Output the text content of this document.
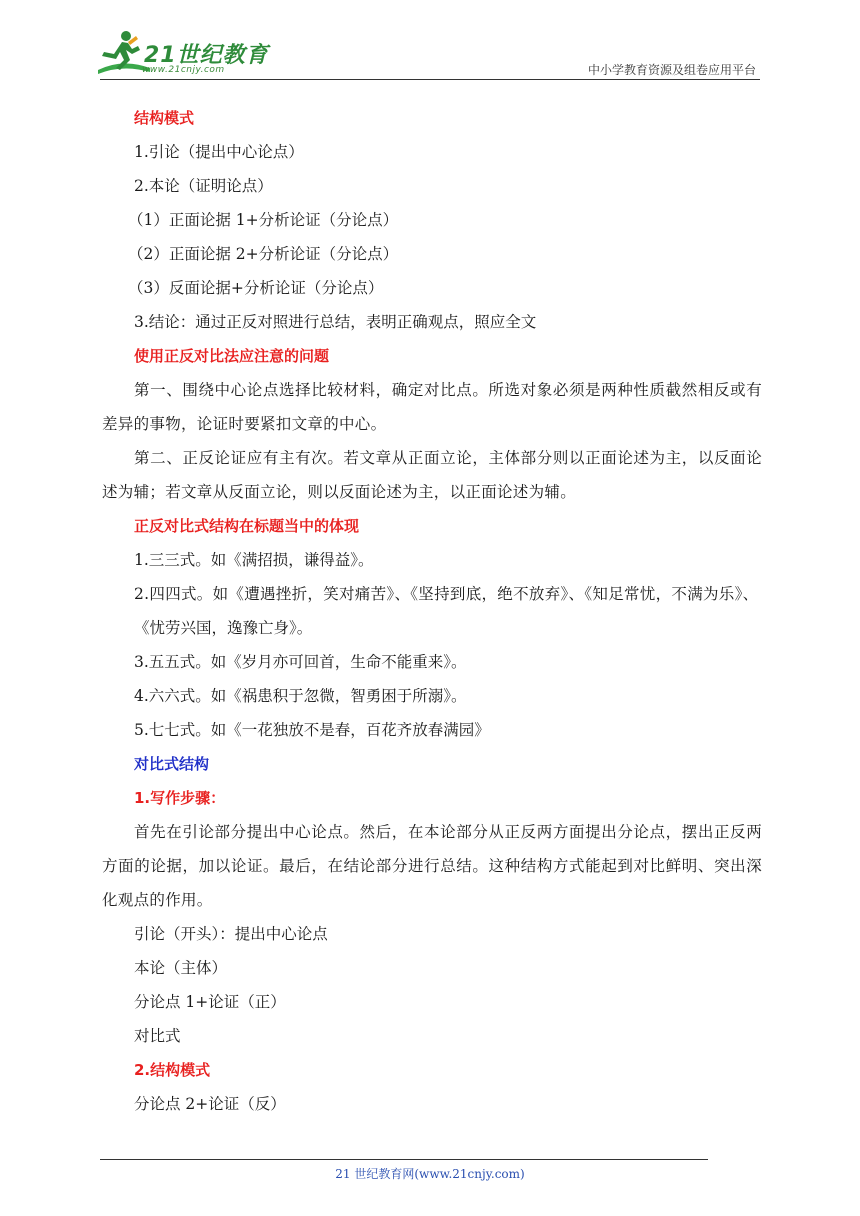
21世纪教育
www.21cnjy.com	中小学教育资源及组卷应用平台
结构模式
1.引论（提出中心论点）
2.本论（证明论点）
（1）正面论据 1+分析论证（分论点）
（2）正面论据 2+分析论证（分论点）
（3）反面论据+分析论证（分论点）
3.结论：通过正反对照进行总结，表明正确观点，照应全文
使用正反对比法应注意的问题
第一、围绕中心论点选择比较材料，确定对比点。所选对象必须是两种性质截然相反或有差异的事物，论证时要紧扣文章的中心。
第二、正反论证应有主有次。若文章从正面立论，主体部分则以正面论述为主，以反面论述为辅；若文章从反面立论，则以反面论述为主，以正面论述为辅。
正反对比式结构在标题当中的体现
1.三三式。如《满招损，谦得益》。
2.四四式。如《遭遇挫折，笑对痛苦》、《坚持到底，绝不放弃》、《知足常忧，不满为乐》、
《忧劳兴国，逸豫亡身》。
3.五五式。如《岁月亦可回首，生命不能重来》。
4.六六式。如《祸患积于忽微，智勇困于所溺》。
5.七七式。如《一花独放不是春，百花齐放春满园》
对比式结构
1.写作步骤：
首先在引论部分提出中心论点。然后，在本论部分从正反两方面提出分论点，摆出正反两方面的论据，加以论证。最后，在结论部分进行总结。这种结构方式能起到对比鲜明、突出深化观点的作用。
引论（开头）：提出中心论点
本论（主体）
分论点 1+论证（正）
对比式
2.结构模式
分论点 2+论证（反）
21 世纪教育网(www.21cnjy.com)
